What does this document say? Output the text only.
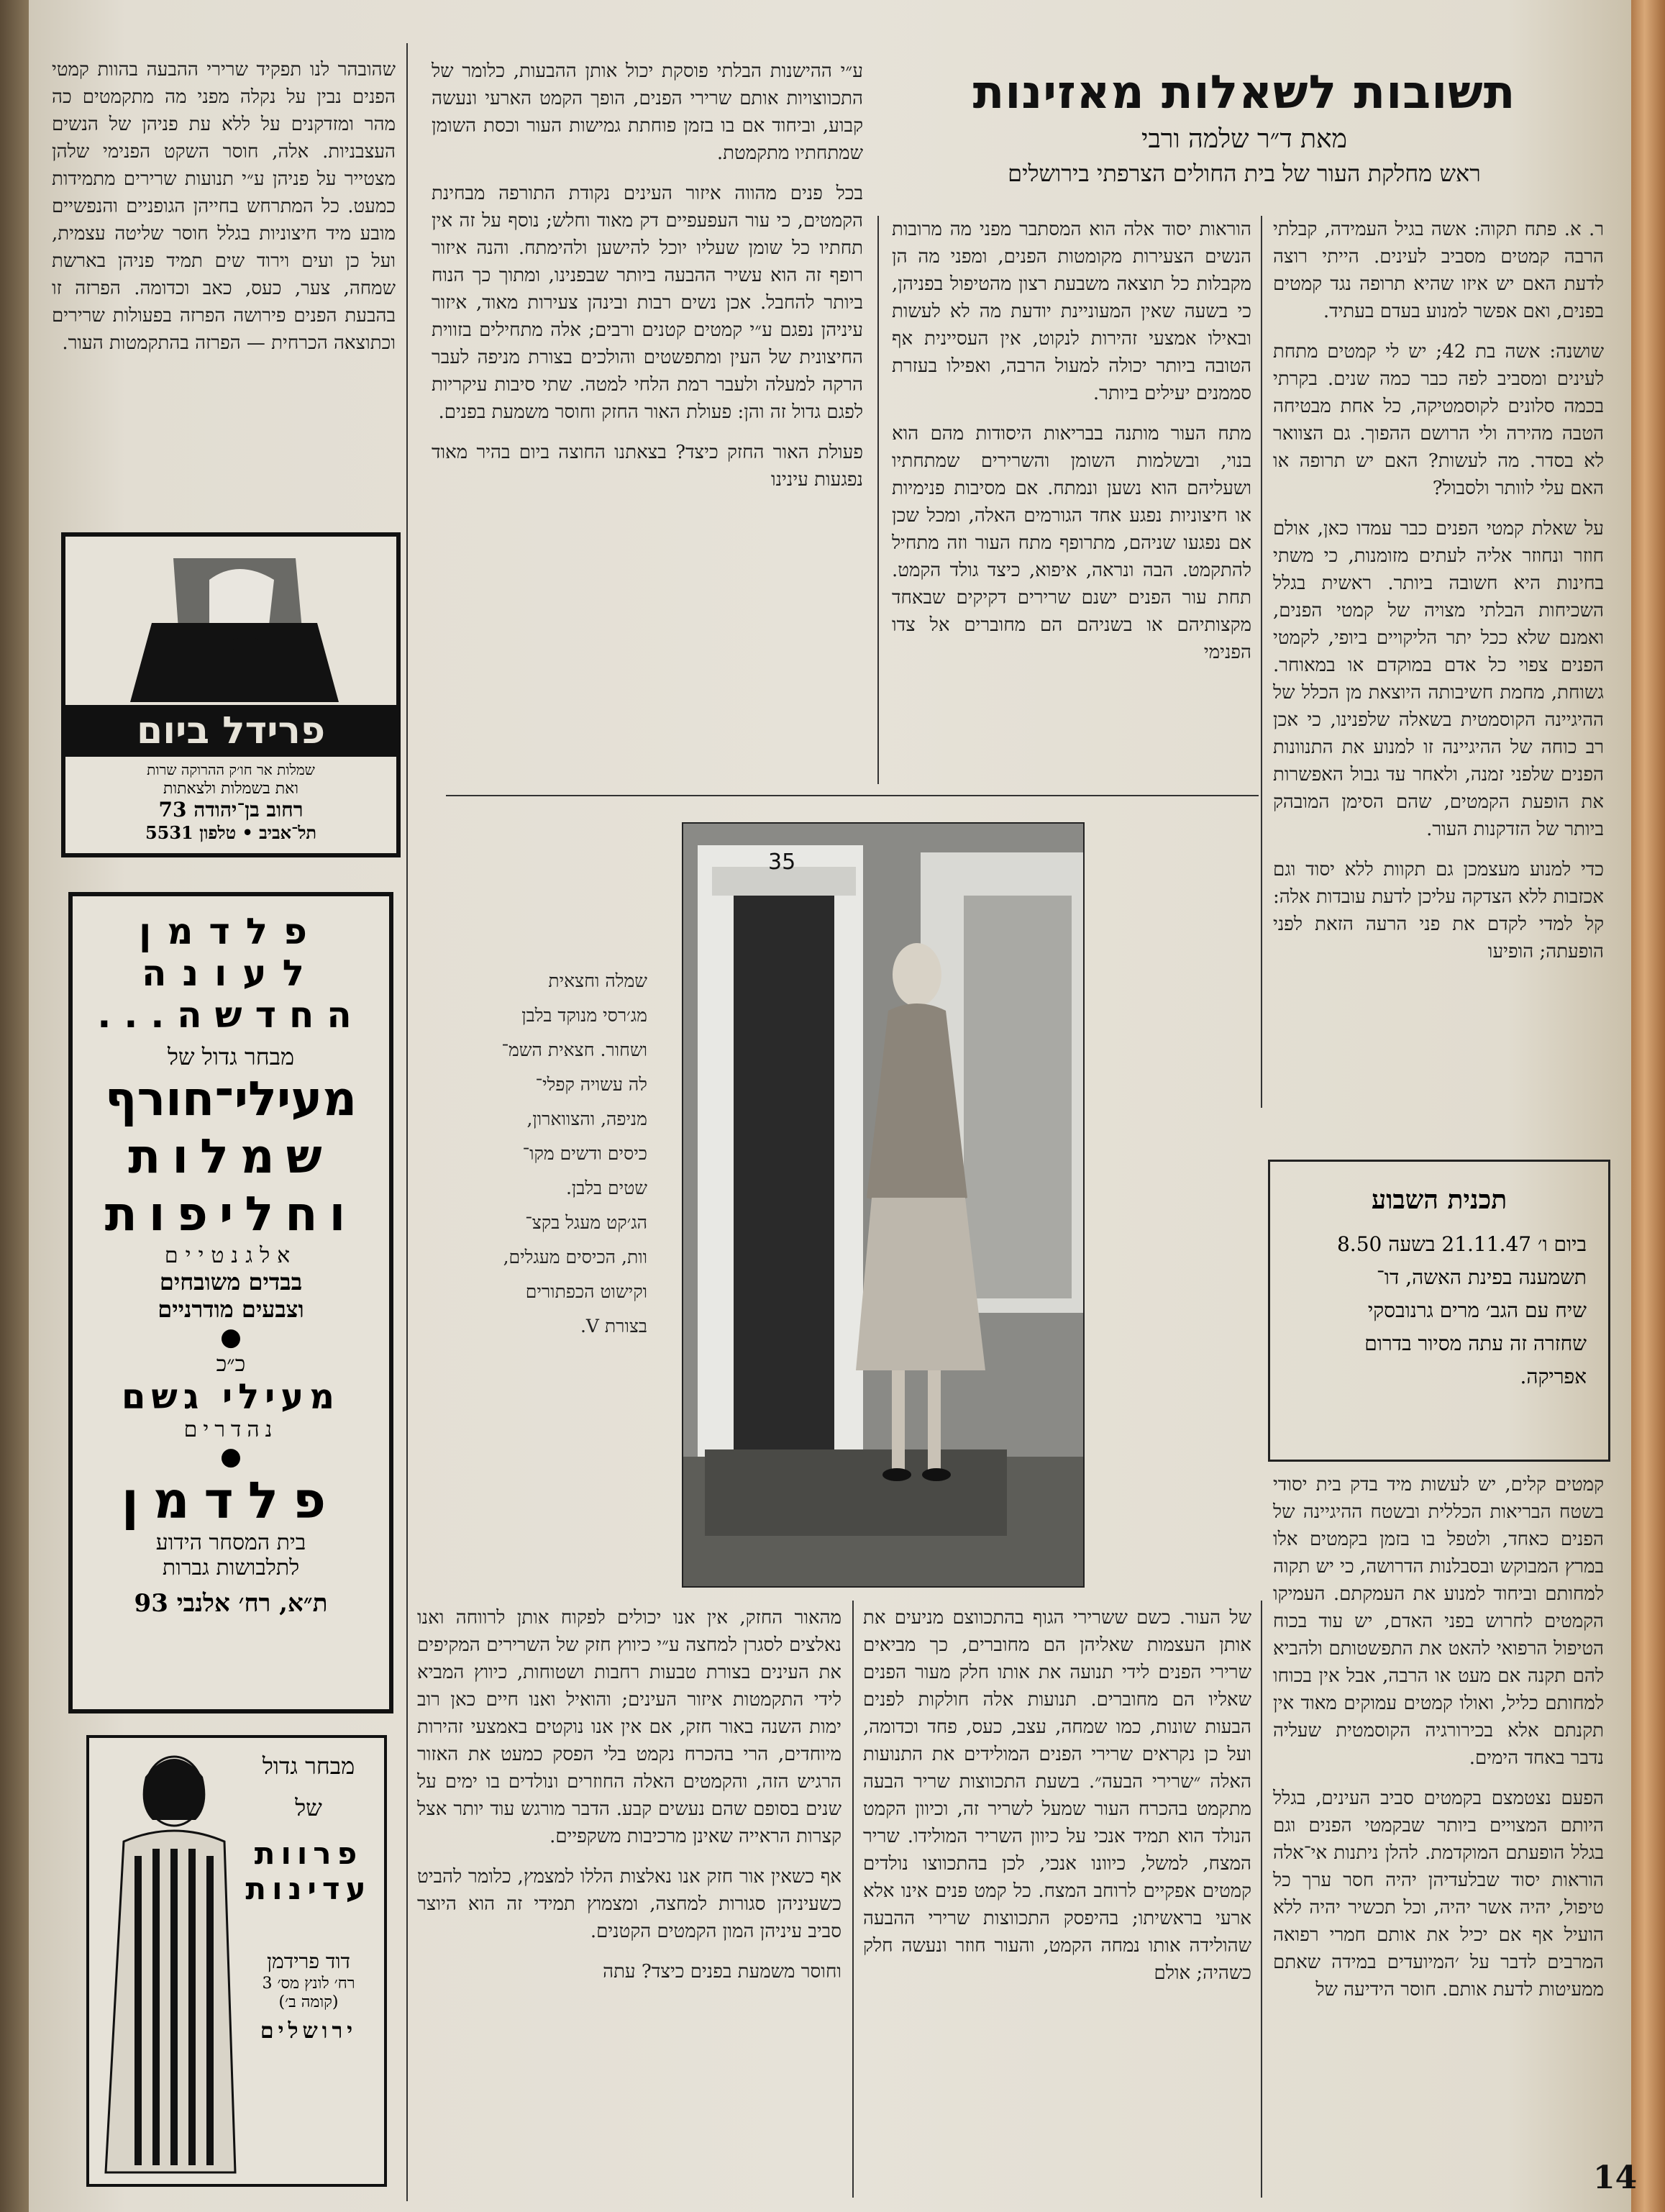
תשובות לשאלות מאזינות
מאת ד״ר שלמה ורבי
ראש מחלקת העור של בית החולים הצרפתי בירושלים

ר. א. פתח תקוה: אשה בגיל העמידה, קבלתי הרבה קמטים מסביב לעינים. הייתי רוצה לדעת האם יש איזו שהיא תרופה נגד קמטים בפנים, ואם אפשר למנוע בעדם בעתיד.

שושנה: אשה בת 42; יש לי קמטים מתחת לעינים ומסביב לפה כבר כמה שנים. בקרתי בכמה סלונים לקוסמטיקה, כל אחת מבטיחה הטבה מהירה ולי הרושם ההפוך. גם הצוואר לא בסדר. מה לעשות? האם יש תרופה או האם עלי לוותר ולסבול?

על שאלת קמטי הפנים כבר עמדו כאן, אולם חוזר ונחוזר אליה לעתים מזומנות, כי משתי בחינות היא חשובה ביותר. ראשית בגלל השכיחות הבלתי מצויה של קמטי הפנים, ואמנם שלא ככל יתר הליקויים ביופי, לקמטי הפנים צפוי כל אדם במוקדם או במאוחר. גשוחת, מחמת חשיבותה היוצאת מן הכלל של ההיגיינה הקוסמטית בשאלה שלפנינו, כי אכן רב כוחה של ההיגיינה זו למנוע את התנוונות הפנים שלפני זמנה, ולאחר עד גבול האפשרות את הופעת הקמטים, שהם הסימן המובהק ביותר של הזדקנות העור.

כדי למנוע מעצמכן גם תקוות ללא יסוד וגם אכזבות ללא הצדקה עליכן לדעת עובדות אלה: קל למדי לקדם את פני הרעה הזאת לפני הופעתה; הופיעו

הוראות יסוד אלה הוא המסתבר מפני מה מרובות הנשים הצעירות מקומטות הפנים, ומפני מה הן מקבלות כל תוצאה משבעת רצון מהטיפול בפניהן, כי בשעה שאין המעוניינת יודעת מה לא לעשות ובאילו אמצעי זהירות לנקוט, אין העסיינית אף הטובה ביותר יכולה למעול הרבה, ואפילו בעזרת סממנים יעילים ביותר.

מתח העור מותנה בבריאות היסודות מהם הוא בנוי, ובשלמות השומן והשרירים שמתחתיו ושעליהם הוא נשען ונמתח. אם מסיבות פנימיות או חיצוניות נפגע אחד הגורמים האלה, ומכל שכן אם נפגעו שניהם, מתרופף מתח העור וזה מתחיל להתקמט. הבה ונראה, איפוא, כיצד גולד הקמט. תחת עור הפנים ישנם שרירים דקיקים שבאחד מקצותיהם או בשניהם הם מחוברים אל צדו הפנימי

ע״י ההישנות הבלתי פוסקת יכול אותן ההבעות, כלומר של התכווצויות אותם שרירי הפנים, הופך הקמט הארעי ונעשה קבוע, וביחוד אם בו בזמן פוחתת גמישות העור וכסת השומן שמתחתיו מתקמטת.

בכל פנים מהווה איזור העינים נקודת התורפה מבחינת הקמטים, כי עור העפעפיים דק מאוד וחלש; נוסף על זה אין תחתיו כל שומן שעליו יוכל להישען ולהימתח. והנה איזור רופף זה הוא עשיר ההבעה ביותר שבפנינו, ומתוך כך הנוח ביותר להחבל. אכן נשים רבות ובינהן צעירות מאוד, איזור עיניהן נפגם ע״י קמטים קטנים ורבים; אלה מתחילים בזווית החיצונית של העין ומתפשטים והולכים בצורת מניפה לעבר הרקה למעלה ולעבר רמת הלחי למטה. שתי סיבות עיקריות לפגם גדול זה והן: פעולת האור החזק וחוסר משמעת בפנים.

פעולת האור החזק כיצד? בצאתנו החוצה ביום בהיר מאוד נפגעות עינינו

שהובהר לנו תפקיד שרירי ההבעה בהוות קמטי הפנים נבין על נקלה מפני מה מתקמטים כה מהר ומזדקנים על ללא עת פניהן של הנשים העצבניות. אלה, חוסר השקט הפנימי שלהן מצטייר על פניהן ע״י תנועות שרירים מתמידות כמעט. כל המתרחש בחייהן הגופניים והנפשיים מובע מיד חיצוניות בגלל חוסר שליטה עצמית, ועל כן ועים וירוד שים תמיד פניהן בארשת שמחה, צער, כעס, כאב וכדומה. הפרזה זו בהבעת הפנים פירושה הפרזה בפעולות שרירים וכתוצאה הכרחית — הפרזה בהתקמטות העור.

35
שמלה וחצאית
מג׳רסי מנוקד בלבן
ושחור. חצאית השמ־
לה עשויה קפלי־
מניפה, והצווארון,
כיסים ודשים מקו־
שטים בלבן.
הג׳קט מעגל בקצ־
וות, הכיסים מעגלים,
וקישוט הכפתורים
בצורת V.
תכנית השבוע
ביום ו׳ 21.11.47 בשעה 8.50
תשמענה בפינת האשה, דו־
שיח עם הגב׳ מרים גרנובסקי
שחזרה זה עתה מסיור בדרום
אפריקה.

קמטים קלים, יש לעשות מיד בדק בית יסודי בשטח הבריאות הכללית ובשטח ההיגיינה של הפנים כאחד, ולטפל בו בזמן בקמטים אלו במרץ המבוקש ובסבלנות הדרושה, כי יש תקוה למחותם וביחוד למנוע את העמקתם. העמיקו הקמטים לחרוש בפני האדם, יש עוד בכוח הטיפול הרפואי להאט את התפשטותם ולהביא להם תקנה אם מעט או הרבה, אבל אין בכוחו למחותם כליל, ואולו קמטים עמוקים מאוד אין תקנתם אלא בכירורגיה הקוסמטית שעליה נדבר באחד הימים.

הפעם נצטמצם בקמטים סביב העינים, בגלל היותם המצויים ביותר שבקמטי הפנים וגם בגלל הופעתם המוקדמת. להלן ניתנות אי־אלה הוראות יסוד שבלעדיהן יהיה חסר ערך כל טיפול, יהיה אשר יהיה, וכל תכשיר יהיה ללא הועיל אף אם יכיל את אותם חמרי רפואה המרבים לדבר על ׳המיועדים במידה שאתם ממעיטות לדעת אותם. חוסר הידיעה של

של העור. כשם ששרירי הגוף בהתכווצם מניעים את אותן העצמות שאליהן הם מחוברים, כך מביאים שרירי הפנים לידי תנועה את אותו חלק מעור הפנים שאליו הם מחוברים. תנועות אלה חולקות לפנים הבעות שונות, כמו שמחה, עצב, כעס, פחד וכדומה, ועל כן נקראים שרירי הפנים המולידים את התנועות האלה ״שרירי הבעה״. בשעת התכווצות שריר הבעה מתקמט בהכרח העור שמעל לשריר זה, וכיוון הקמט הנולד הוא תמיד אנכי על כיוון השריר המולידו. שריר המצח, למשל, כיוונו אנכי, לכן בהתכווצו נולדים קמטים אפקיים לרוחב המצח. כל קמט פנים אינו אלא ארעי בראשיתו; בהיפסק התכווצות שרירי ההבעה שהולידה אותו נמחה הקמט, והעור חוזר ונעשה חלק כשהיה; אולם

מהאור החזק, אין אנו יכולים לפקוח אותן לרווחה ואנו נאלצים לסגרן למחצה ע״י כיווץ חזק של השרירים המקיפים את העינים בצורת טבעות רחבות ושטוחות, כיווץ המביא לידי התקמטות איזור העינים; והואיל ואנו חיים כאן רוב ימות השנה באור חזק, אם אין אנו נוקטים באמצעי זהירות מיוחדים, הרי בהכרח נקמט בלי הפסק כמעט את האזור הרגיש הזה, והקמטים האלה החוזרים ונולדים בו ימים על שנים בסופם שהם נעשים קבע. הדבר מורגש עוד יותר אצל קצרות הראייה שאינן מרכיבות משקפיים.

אף כשאין אור חזק אנו נאלצות הללו למצמץ, כלומר להביט כשעיניהן סגורות למחצה, ומצמוץ תמידי זה הוא היוצר סביב עיניהן המון הקמטים הקטנים.

וחוסר משמעת בפנים כיצד? עתה

פרידל ביום
שמלות אר חו׳ק ההרוקה שרות
ואת בשמלות ולצאתות
רחוב בן־יהודה 73
תל־אביב • טלפון 5531
פלדמן
לעונה
החדשה...
מבחר גדול של
מעילי־חורף
שמלות
וחליפות
אלגנטיים
בבדים משובחים
וצבעים מודרניים
●
כ״כ
מעילי גשם
נהדרים
●
פלדמן
בית המסחר הידוע
לתלבושות גברות
ת״א, רח׳ אלנבי 93
מבחר גדול
של
פרוות
עדינות
דוד פרידמן
רח׳ לונץ מס׳ 3
(קומה ב׳)
ירושלים
14
